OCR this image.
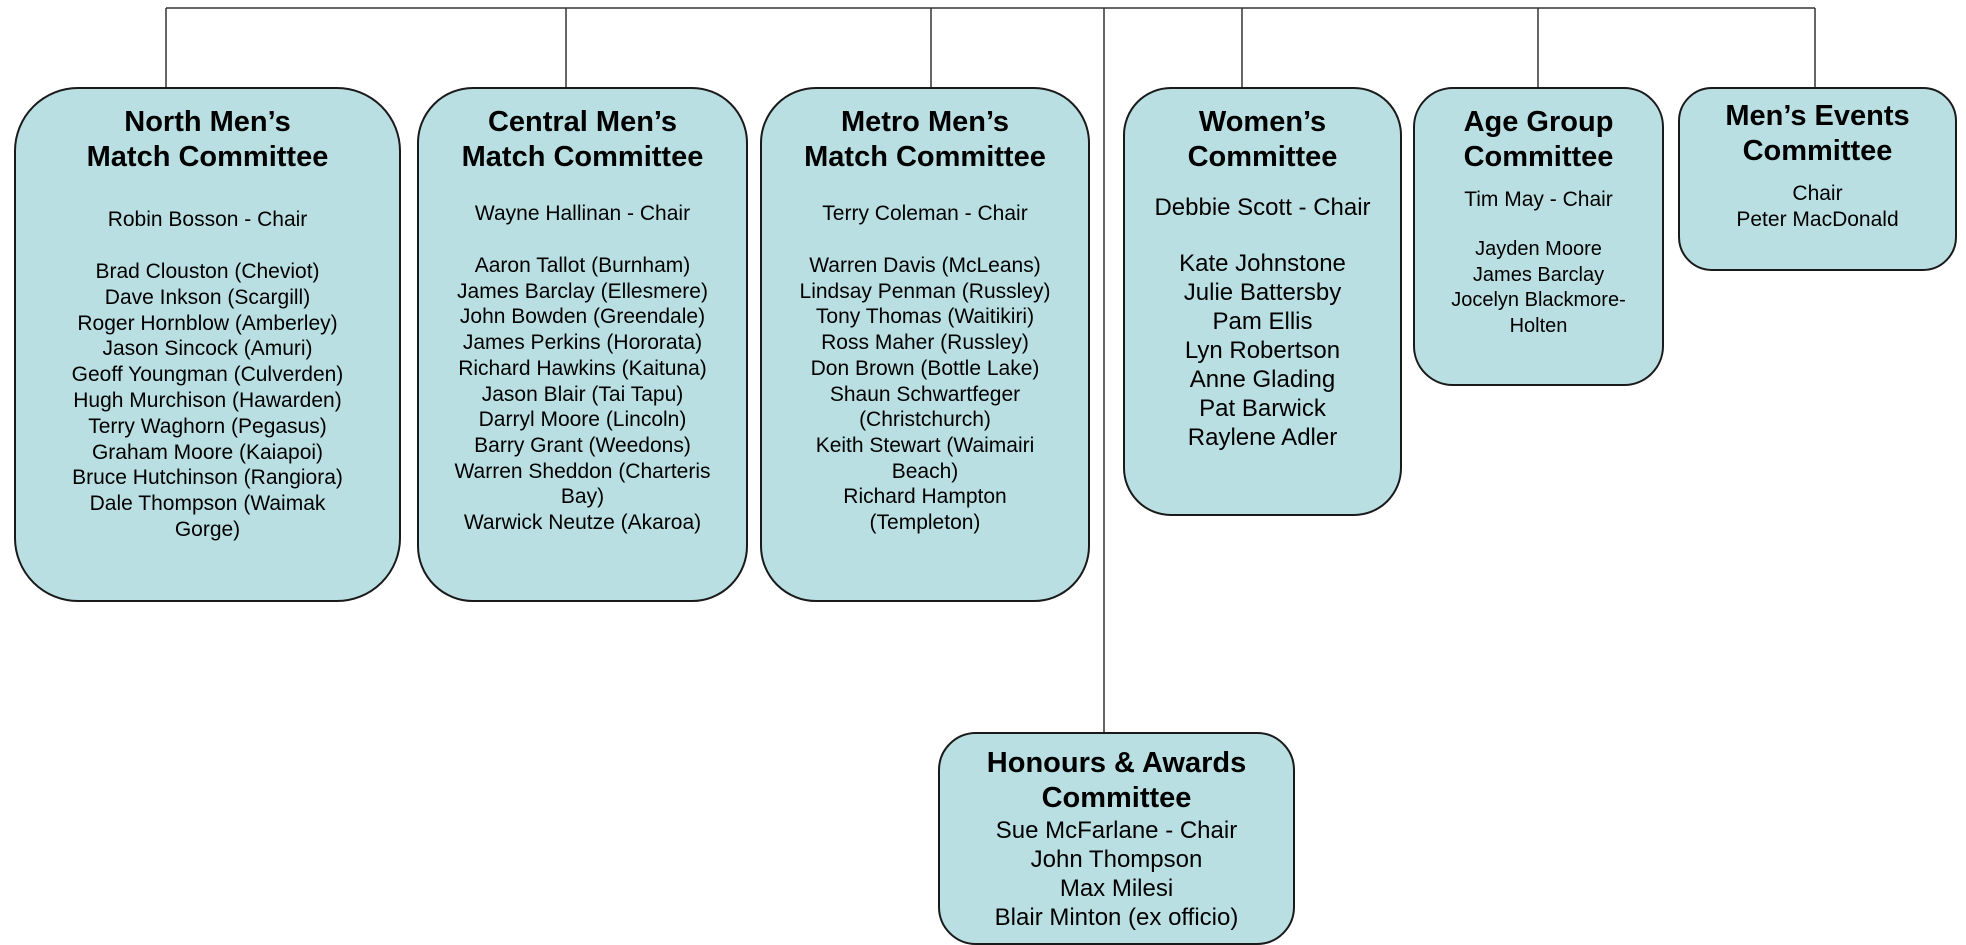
North Men’s
Match Committee
Robin Bosson - Chair
Brad Clouston (Cheviot)
Dave Inkson (Scargill)
Roger Hornblow (Amberley)
Jason Sincock (Amuri)
Geoff Youngman (Culverden)
Hugh Murchison (Hawarden)
Terry Waghorn (Pegasus)
Graham Moore (Kaiapoi)
Bruce Hutchinson (Rangiora)
Dale Thompson (Waimak
Gorge)
Central Men’s
Match Committee
Wayne Hallinan - Chair
Aaron Tallot (Burnham)
James Barclay (Ellesmere)
John Bowden (Greendale)
James Perkins (Hororata)
Richard Hawkins (Kaituna)
Jason Blair (Tai Tapu)
Darryl Moore (Lincoln)
Barry Grant (Weedons)
Warren Sheddon (Charteris
Bay)
Warwick Neutze (Akaroa)
Metro Men’s
Match Committee
Terry Coleman - Chair
Warren Davis (McLeans)
Lindsay Penman (Russley)
Tony Thomas (Waitikiri)
Ross Maher (Russley)
Don Brown (Bottle Lake)
Shaun Schwartfeger
(Christchurch)
Keith Stewart (Waimairi
Beach)
Richard Hampton
(Templeton)
Women’s
Committee
Debbie Scott - Chair
Kate Johnstone
Julie Battersby
Pam Ellis
Lyn Robertson
Anne Glading
Pat Barwick
Raylene Adler
Age Group
Committee
Tim May - Chair
Jayden Moore
James Barclay
Jocelyn Blackmore-
Holten
Men’s Events
Committee
Chair
Peter MacDonald
Honours & Awards
Committee
Sue McFarlane - Chair
John Thompson
Max Milesi
Blair Minton (ex officio)
